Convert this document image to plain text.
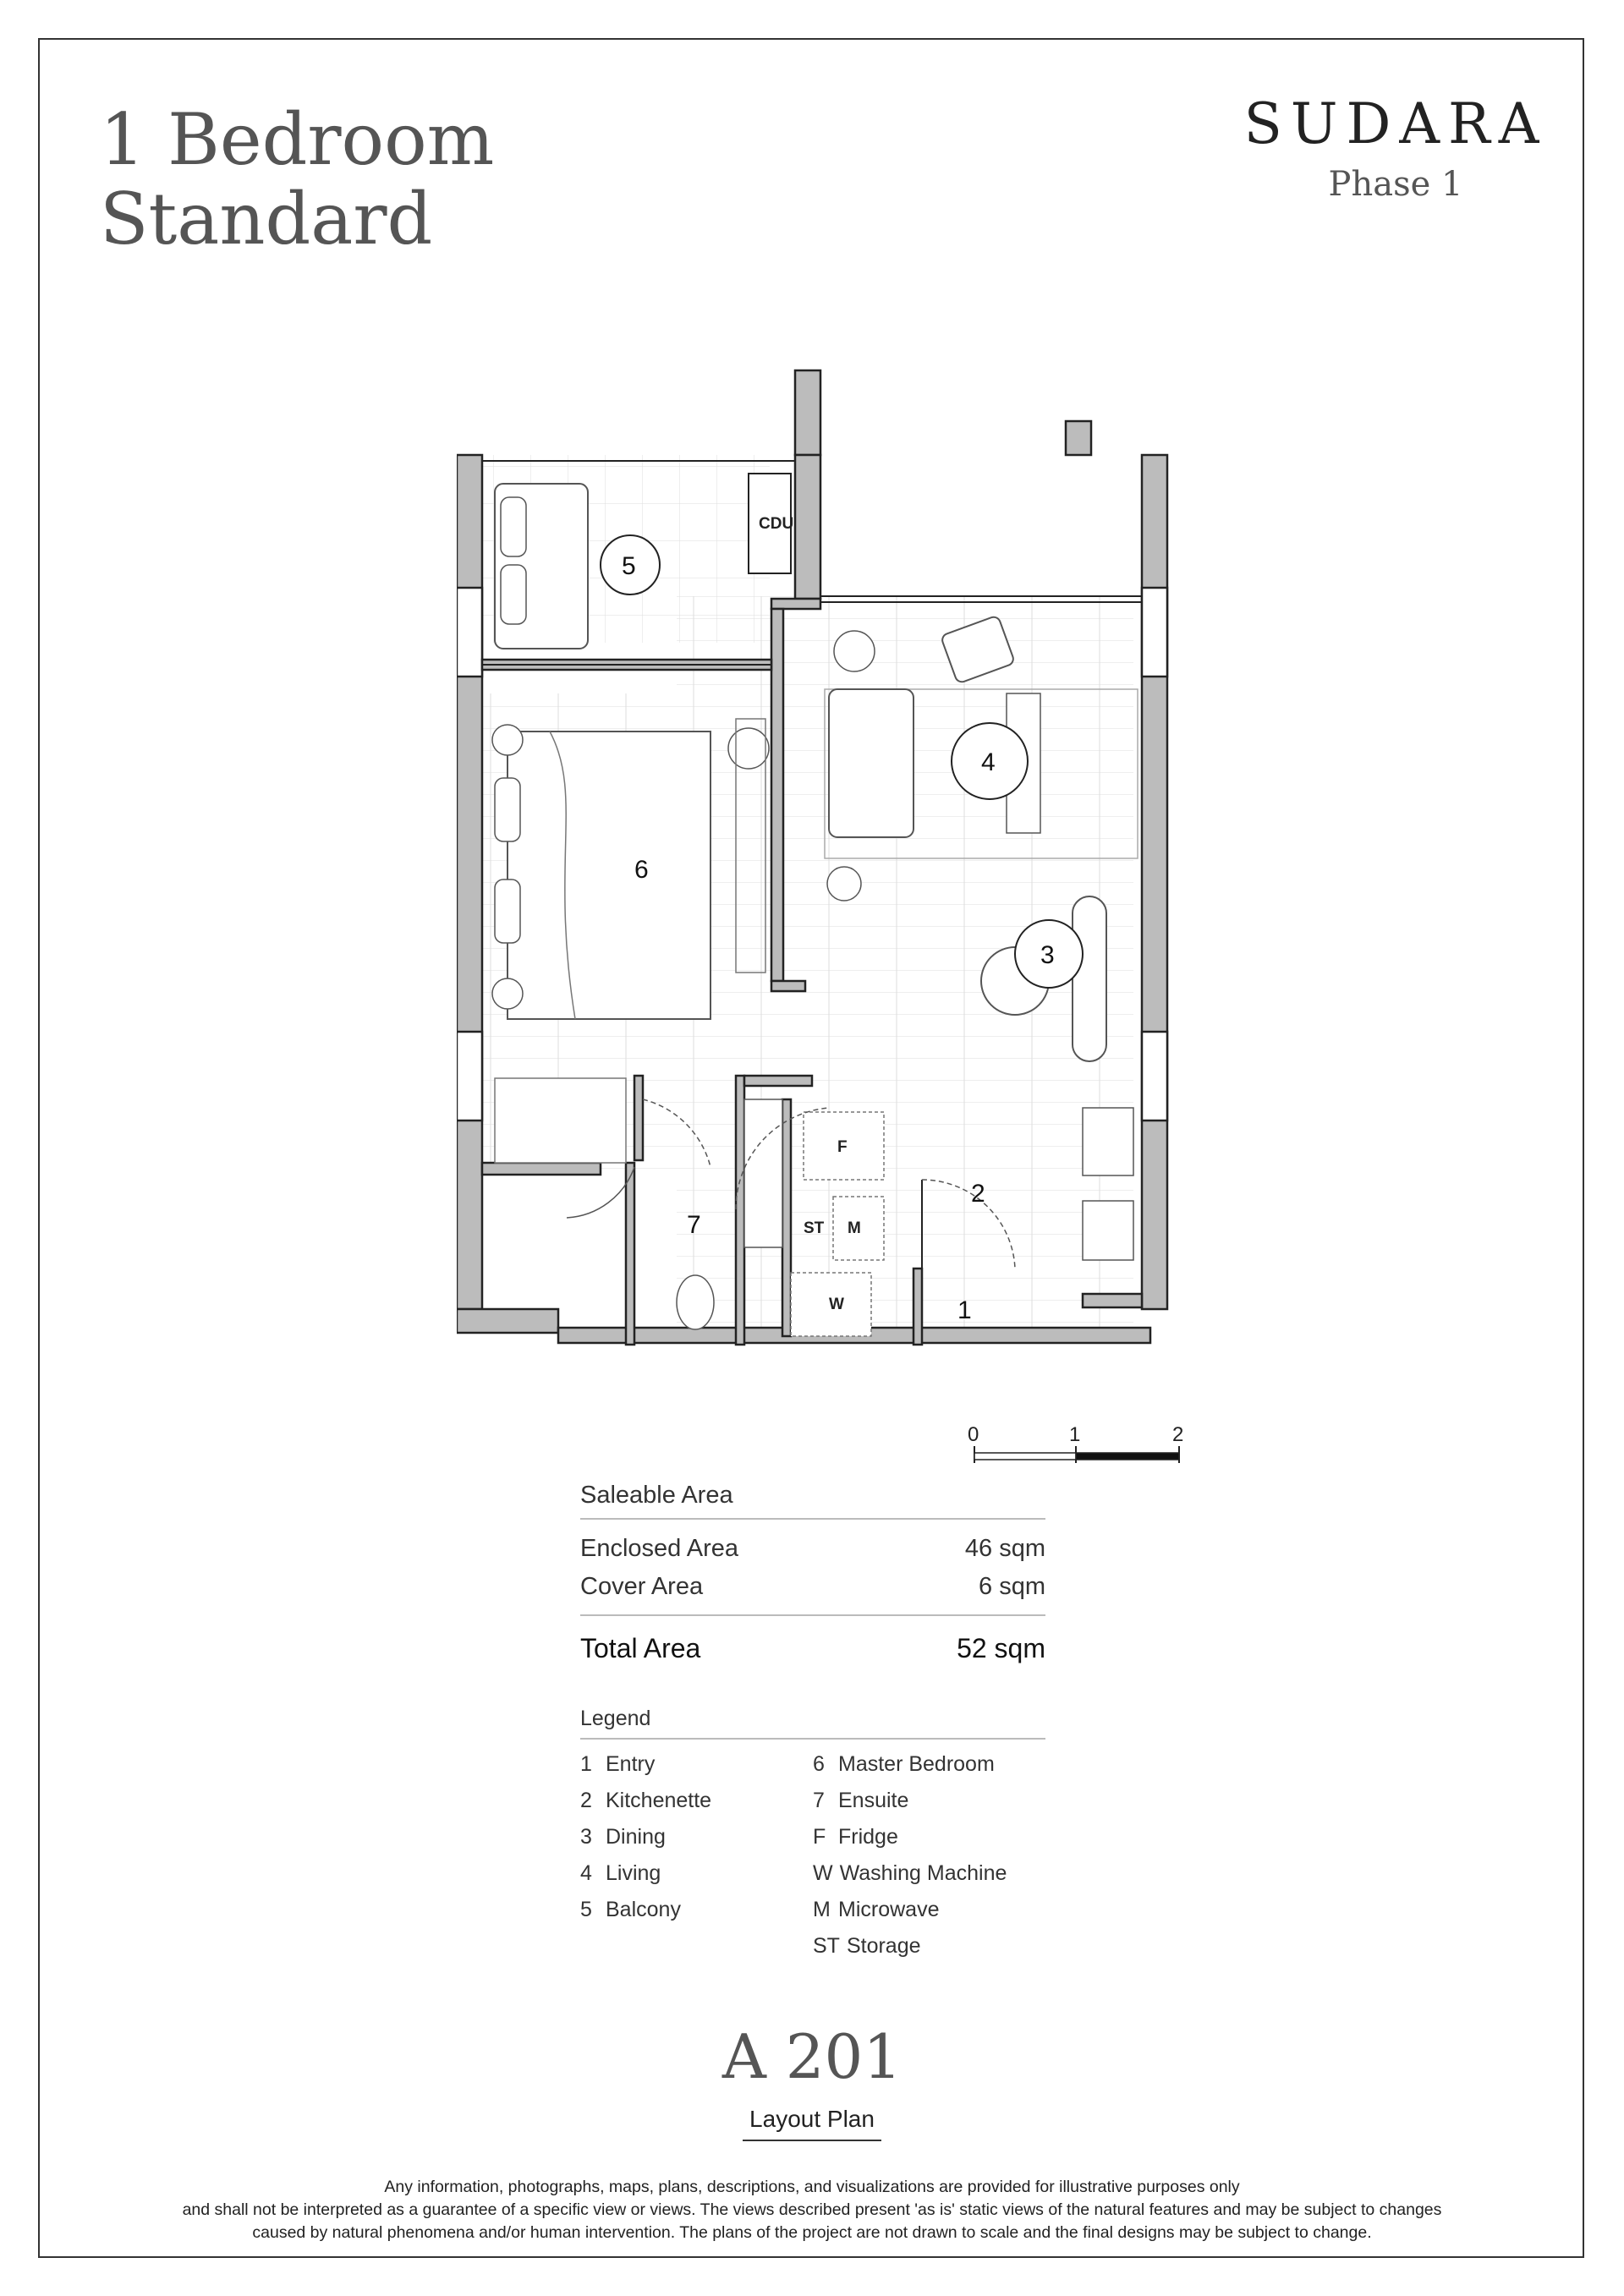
1 Bedroom
Standard
SUDARA
Phase 1
CDU
F
ST M
W
5
6
4
3
2
7
1
0	1	2
Saleable Area
Enclosed Area	46 sqm
Cover Area	6 sqm
Total Area	52 sqm
Legend
1 Entry
2 Kitchenette
3 Dining
4 Living
5 Balcony
6 Master Bedroom
7 Ensuite
F Fridge
W Washing Machine
M Microwave
ST Storage
A 201
Layout Plan
Any information, photographs, maps, plans, descriptions, and visualizations are provided for illustrative purposes only
and shall not be interpreted as a guarantee of a specific view or views. The views described present 'as is' static views of the natural features and may be subject to changes
caused by natural phenomena and/or human intervention. The plans of the project are not drawn to scale and the final designs may be subject to change.
